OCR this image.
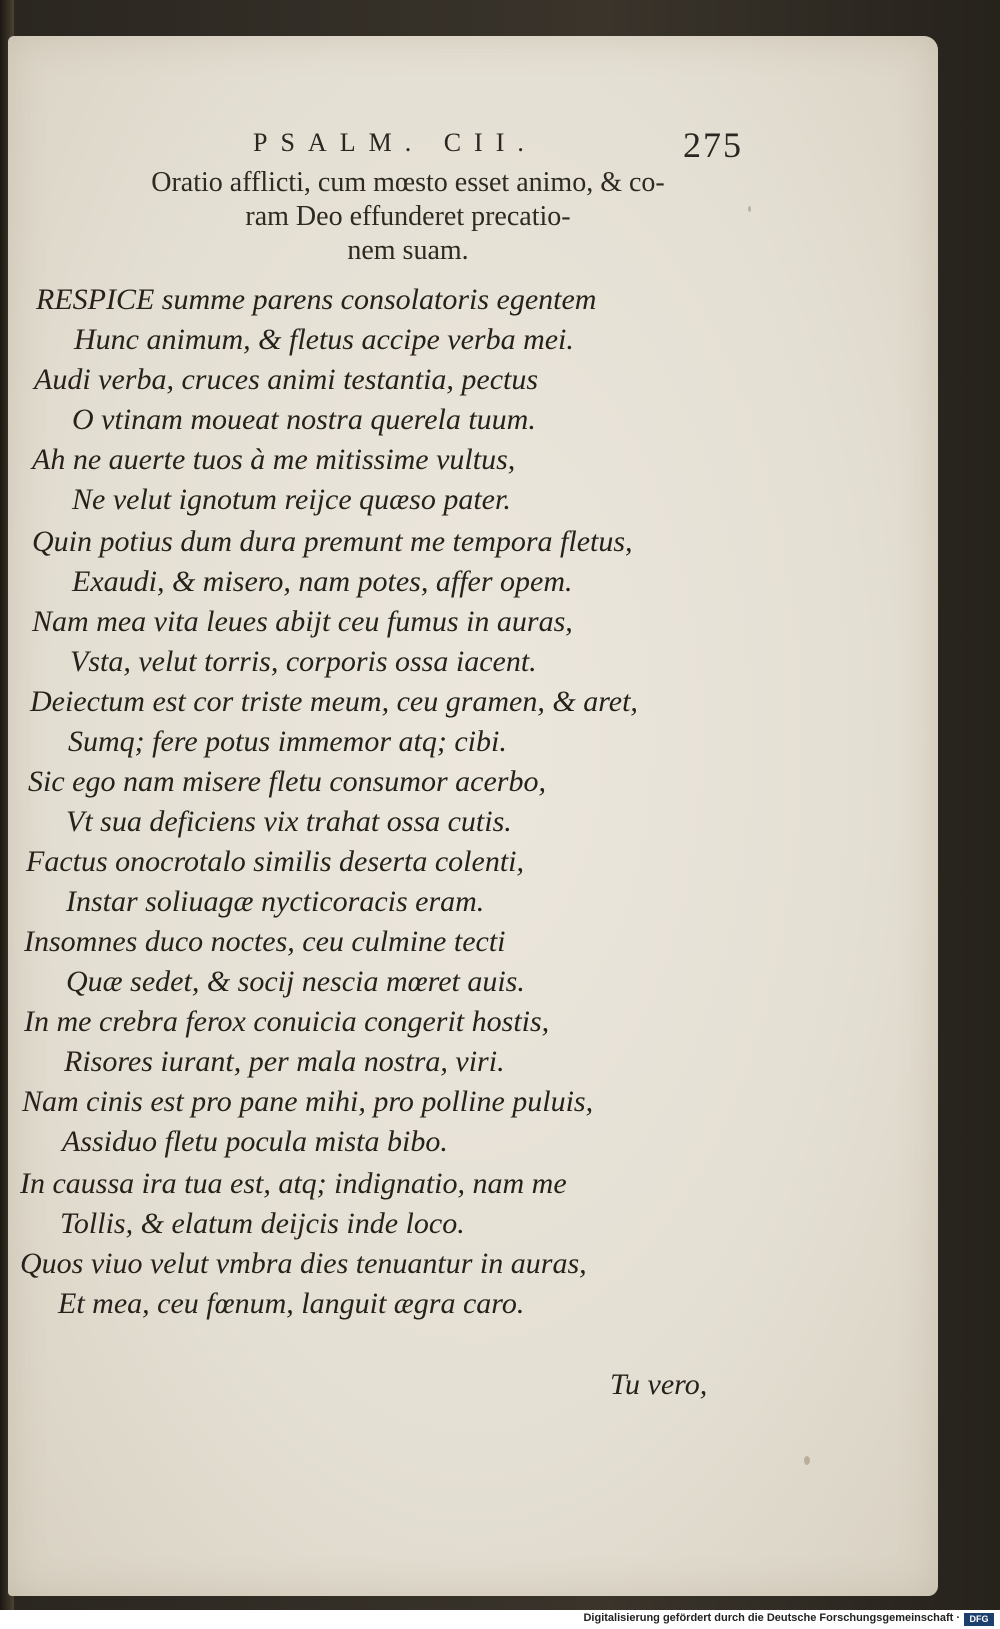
PSALM. CII.	275
Oratio afflicti, cum mœsto esset animo, & co-
ram Deo effunderet precatio-
nem suam.
RESPICE summe parens consolatoris egentem
Hunc animum, & fletus accipe verba mei.
Audi verba, cruces animi testantia, pectus
O vtinam moueat nostra querela tuum.
Ah ne auerte tuos à me mitissime vultus,
Ne velut ignotum reijce quæso pater.
Quin potius dum dura premunt me tempora fletus,
Exaudi, & misero, nam potes, affer opem.
Nam mea vita leues abijt ceu fumus in auras,
Vsta, velut torris, corporis ossa iacent.
Deiectum est cor triste meum, ceu gramen, & aret,
Sumq; fere potus immemor atq; cibi.
Sic ego nam misere fletu consumor acerbo,
Vt sua deficiens vix trahat ossa cutis.
Factus onocrotalo similis deserta colenti,
Instar soliuagæ nycticoracis eram.
Insomnes duco noctes, ceu culmine tecti
Quæ sedet, & socij nescia mœret auis.
In me crebra ferox conuicia congerit hostis,
Risores iurant, per mala nostra, viri.
Nam cinis est pro pane mihi, pro polline puluis,
Assiduo fletu pocula mista bibo.
In caussa ira tua est, atq; indignatio, nam me
Tollis, & elatum deijcis inde loco.
Quos viuo velut vmbra dies tenuantur in auras,
Et mea, ceu fœnum, languit ægra caro.
Tu vero,
Digitalisierung gefördert durch die Deutsche Forschungsgemeinschaft ·	DFG
